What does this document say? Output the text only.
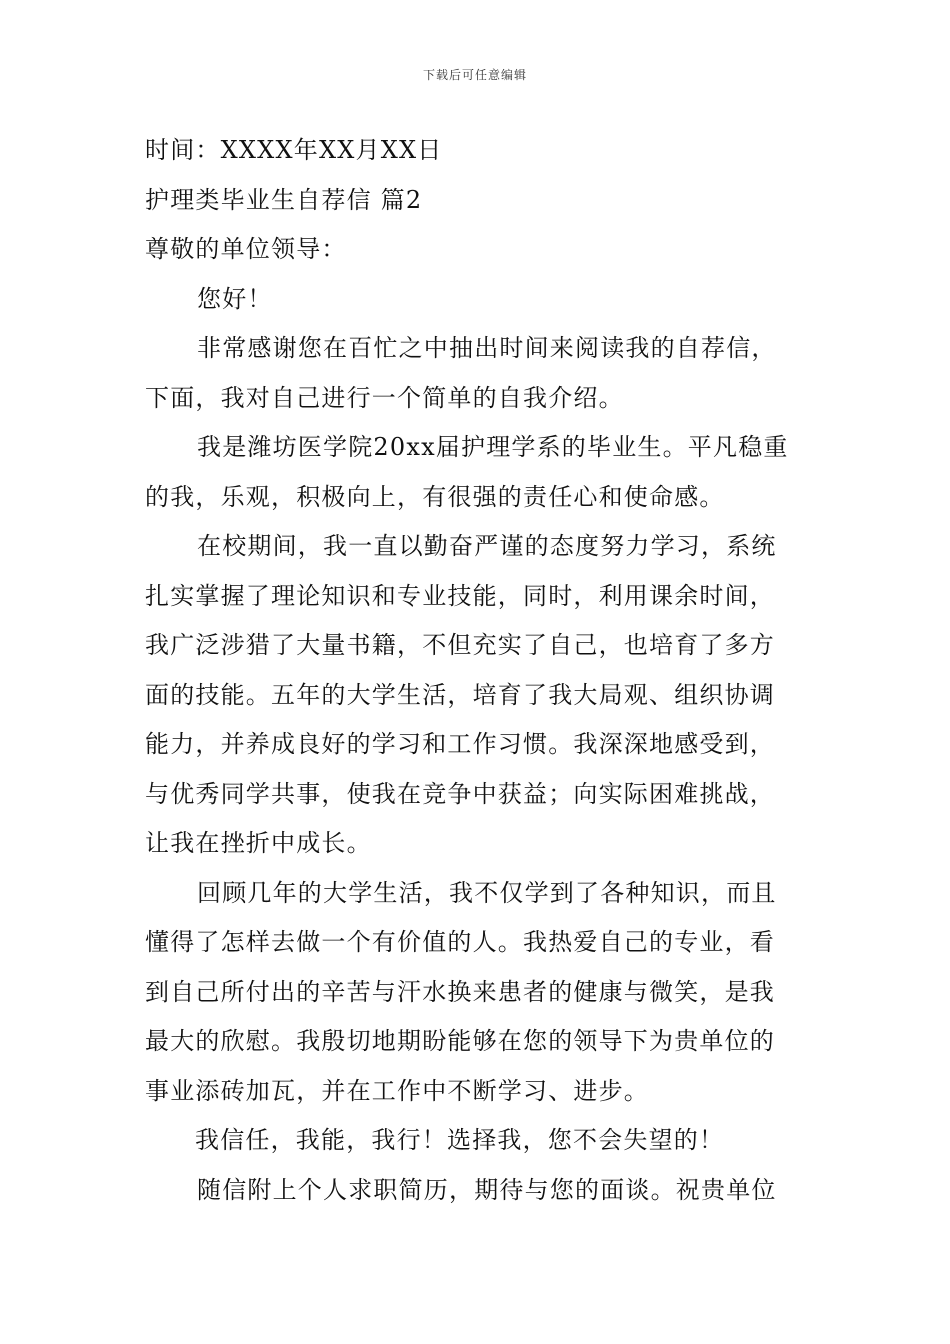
下载后可任意编辑
时间：XXXX年XX月XX日
护理类毕业生自荐信 篇2
尊敬的单位领导：
您好！
非常感谢您在百忙之中抽出时间来阅读我的自荐信，
下面，我对自己进行一个简单的自我介绍。
我是潍坊医学院20xx届护理学系的毕业生。平凡稳重
的我，乐观，积极向上，有很强的责任心和使命感。
在校期间，我一直以勤奋严谨的态度努力学习，系统
扎实掌握了理论知识和专业技能，同时，利用课余时间，
我广泛涉猎了大量书籍，不但充实了自己，也培育了多方
面的技能。五年的大学生活，培育了我大局观、组织协调
能力，并养成良好的学习和工作习惯。我深深地感受到，
与优秀同学共事，使我在竞争中获益；向实际困难挑战，
让我在挫折中成长。
回顾几年的大学生活，我不仅学到了各种知识，而且
懂得了怎样去做一个有价值的人。我热爱自己的专业，看
到自己所付出的辛苦与汗水换来患者的健康与微笑，是我
最大的欣慰。我殷切地期盼能够在您的领导下为贵单位的
事业添砖加瓦，并在工作中不断学习、进步。
我信任，我能，我行！选择我，您不会失望的！
随信附上个人求职简历，期待与您的面谈。祝贵单位
